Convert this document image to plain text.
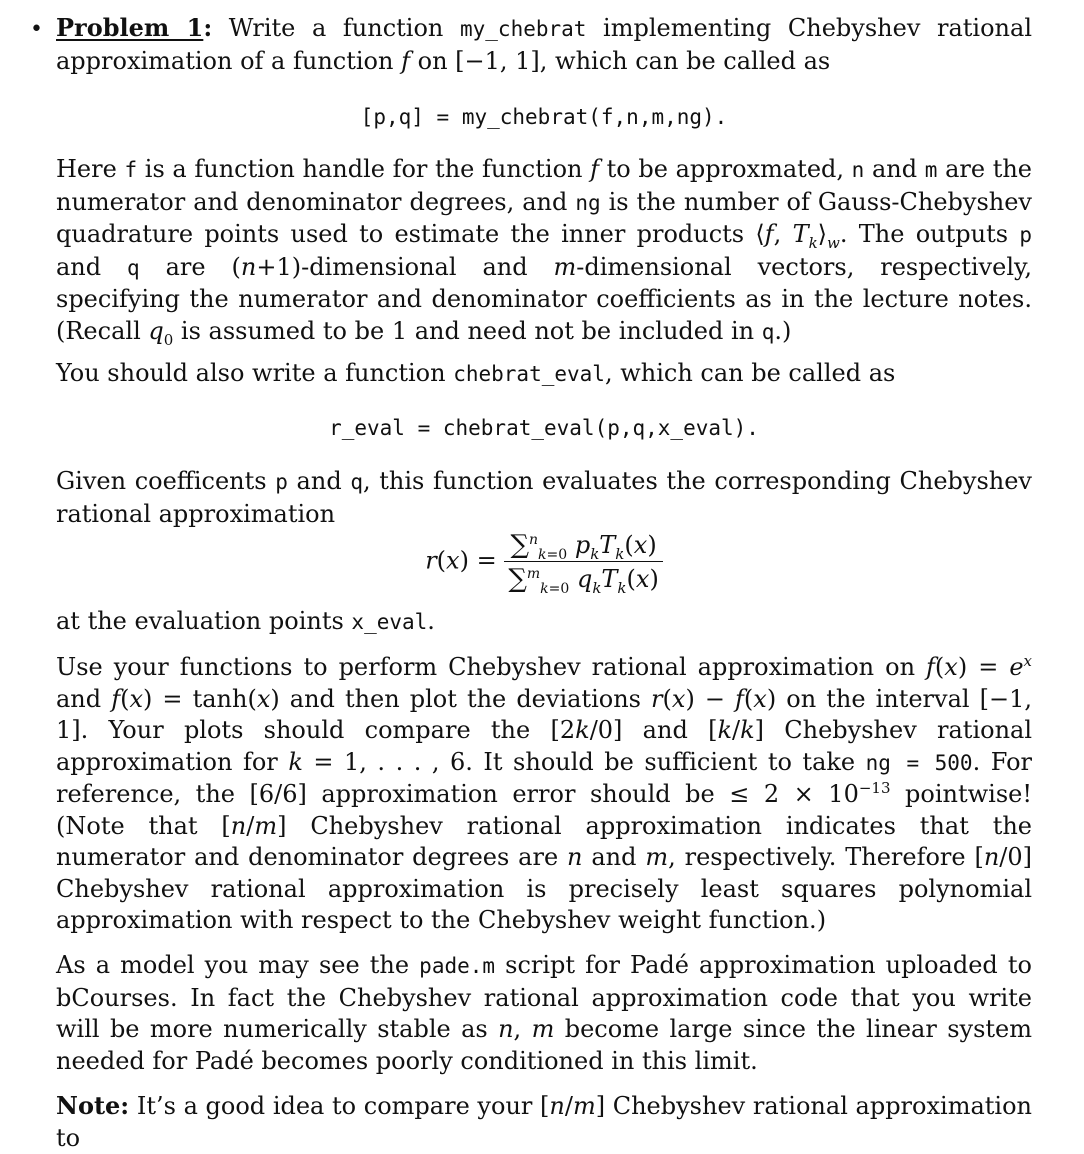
• Problem 1: Write a function my_chebrat implementing Chebyshev rational approximation of a function f on [−1, 1], which can be called as
[p,q] = my_chebrat(f,n,m,ng).
Here f is a function handle for the function f to be approxmated, n and m are the numerator and denominator degrees, and ng is the number of Gauss-Chebyshev quadrature points used to estimate the inner products ⟨f, $T_k⟩_w$. The outputs p and q are (n+1)-dimensional and m-dimensional vectors, respectively, specifying the numerator and denominator coefficients as in the lecture notes. (Recall $q_0$ is assumed to be 1 and need not be included in q.)
You should also write a function chebrat_eval, which can be called as
r_eval = chebrat_eval(p,q,x_eval).
Given coefficents p and q, this function evaluates the corresponding Chebyshev rational approximation
$r(x) = \frac{\sum^n_{k=0} p_kT_k(x)}{\sum^m_{k=0} q_kT_k(x)}$
at the evaluation points x_eval.
Use your functions to perform Chebyshev rational approximation on $f(x) = e^x$ and f(x) = tanh(x) and then plot the deviations r(x) − f(x) on the interval [−1, 1]. Your plots should compare the [2k/0] and [k/k] Chebyshev rational approximation for k = 1, . . . , 6. It should be sufficient to take ng = 500. For reference, the [6/6] approximation error should be ≤ $2 \times 10^{-13}$ pointwise! (Note that [n/m] Chebyshev rational approximation indicates that the numerator and denominator degrees are n and m, respectively. Therefore [n/0] Chebyshev rational approximation is precisely least squares polynomial approximation with respect to the Chebyshev weight function.)
As a model you may see the pade.m script for Padé approximation uploaded to bCourses. In fact the Chebyshev rational approximation code that you write will be more numerically stable as n, m become large since the linear system needed for Padé becomes poorly conditioned in this limit.
Note: It’s a good idea to compare your [n/m] Chebyshev rational approximation to
